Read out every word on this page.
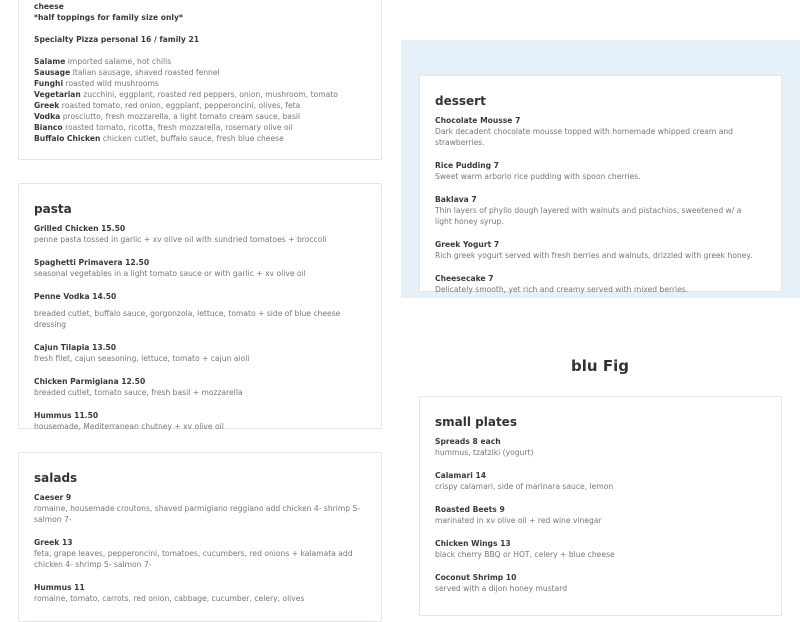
cheese
*half toppings for family size only*
Specialty Pizza personal 16 / family 21
Salame imported salame, hot chilis
Sausage Italian sausage, shaved roasted fennel
Funghi roasted wild mushrooms
Vegetarian zucchini, eggplant, roasted red peppers, onion, mushroom, tomato
Greek roasted tomato, red onion, eggplant, pepperoncini, olives, feta
Vodka prosciutto, fresh mozzarella, a light tomato cream sauce, basil
Bianco roasted tomato, ricotta, fresh mozzarella, rosemary olive oil
Buffalo Chicken chicken cutlet, buffalo sauce, fresh blue cheese
pasta
Grilled Chicken 15.50
penne pasta tossed in garlic + xv olive oil with sundried tomatoes + broccoli
Spaghetti Primavera 12.50
seasonal vegetables in a light tomato sauce or with garlic + xv olive oil
Penne Vodka 14.50
breaded cutlet, buffalo sauce, gorgonzola, lettuce, tomato + side of blue cheese dressing
Cajun Tilapia 13.50
fresh filet, cajun seasoning, lettuce, tomato + cajun aioli
Chicken Parmigiana 12.50
breaded cutlet, tomato sauce, fresh basil + mozzarella
Hummus 11.50
housemade, Mediterranean chutney + xv olive oil
salads
Caeser 9
romaine, housemade croutons, shaved parmigiano reggiano add chicken 4- shrimp 5- salmon 7-
Greek 13
feta, grape leaves, pepperoncini, tomatoes, cucumbers, red onions + kalamata add chicken 4- shrimp 5- salmon 7-
Hummus 11
romaine, tomato, carrots, red onion, cabbage, cucumber, celery, olives
dessert
Chocolate Mousse 7
Dark decadent chocolate mousse topped with homemade whipped cream and strawberries.
Rice Pudding 7
Sweet warm arborio rice pudding with spoon cherries.
Baklava 7
Thin layers of phyllo dough layered with walnuts and pistachios, sweetened w/ a light honey syrup.
Greek Yogurt 7
Rich greek yogurt served with fresh berries and walnuts, drizzled with greek honey.
Cheesecake 7
Delicately smooth, yet rich and creamy served with mixed berries.
blu Fig
small plates
Spreads 8 each
hummus, tzatziki (yogurt)
Calamari 14
crispy calamari, side of marinara sauce, lemon
Roasted Beets 9
marinated in xv olive oil + red wine vinegar
Chicken Wings 13
black cherry BBQ or HOT, celery + blue cheese
Coconut Shrimp 10
served with a dijon honey mustard
